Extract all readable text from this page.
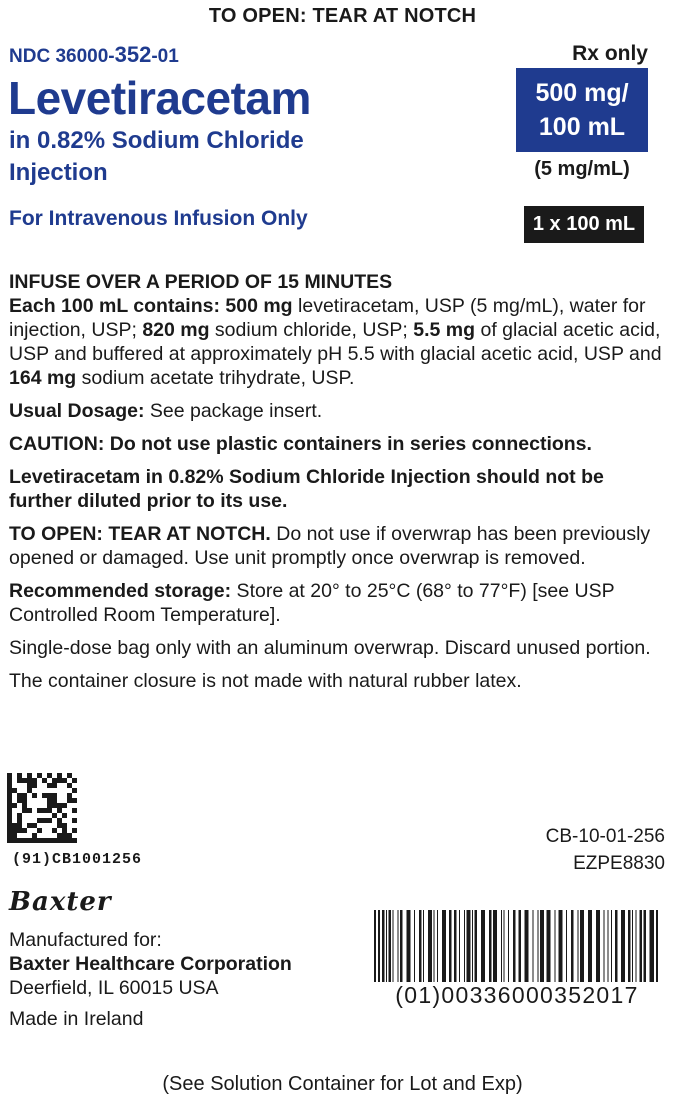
TO OPEN: TEAR AT NOTCH
NDC 36000-352-01
Levetiracetam
in 0.82% Sodium Chloride
Injection
For Intravenous Infusion Only
Rx only
500 mg/
100 mL
(5 mg/mL)
1 x 100 mL

INFUSE OVER A PERIOD OF 15 MINUTES

Each 100 mL contains: 500 mg levetiracetam, USP (5 mg/mL), water for injection, USP; 820 mg sodium chloride, USP; 5.5 mg of glacial acetic acid, USP and buffered at approximately pH 5.5 with glacial acetic acid, USP and 164 mg sodium acetate trihydrate, USP.

Usual Dosage: See package insert.

CAUTION: Do not use plastic containers in series connections.

Levetiracetam in 0.82% Sodium Chloride Injection should not be further diluted prior to its use.

TO OPEN: TEAR AT NOTCH. Do not use if overwrap has been previously opened or damaged. Use unit promptly once overwrap is removed.

Recommended storage: Store at 20° to 25°C (68° to 77°F) [see USP Controlled Room Temperature].

Single-dose bag only with an aluminum overwrap. Discard unused portion.

The container closure is not made with natural rubber latex.

(91)CB1001256
CB-10-01-256
EZPE8830
Baxter
Manufactured for:
Baxter Healthcare Corporation
Deerfield, IL 60015 USA
Made in Ireland
(01)00336000352017
(See Solution Container for Lot and Exp)
